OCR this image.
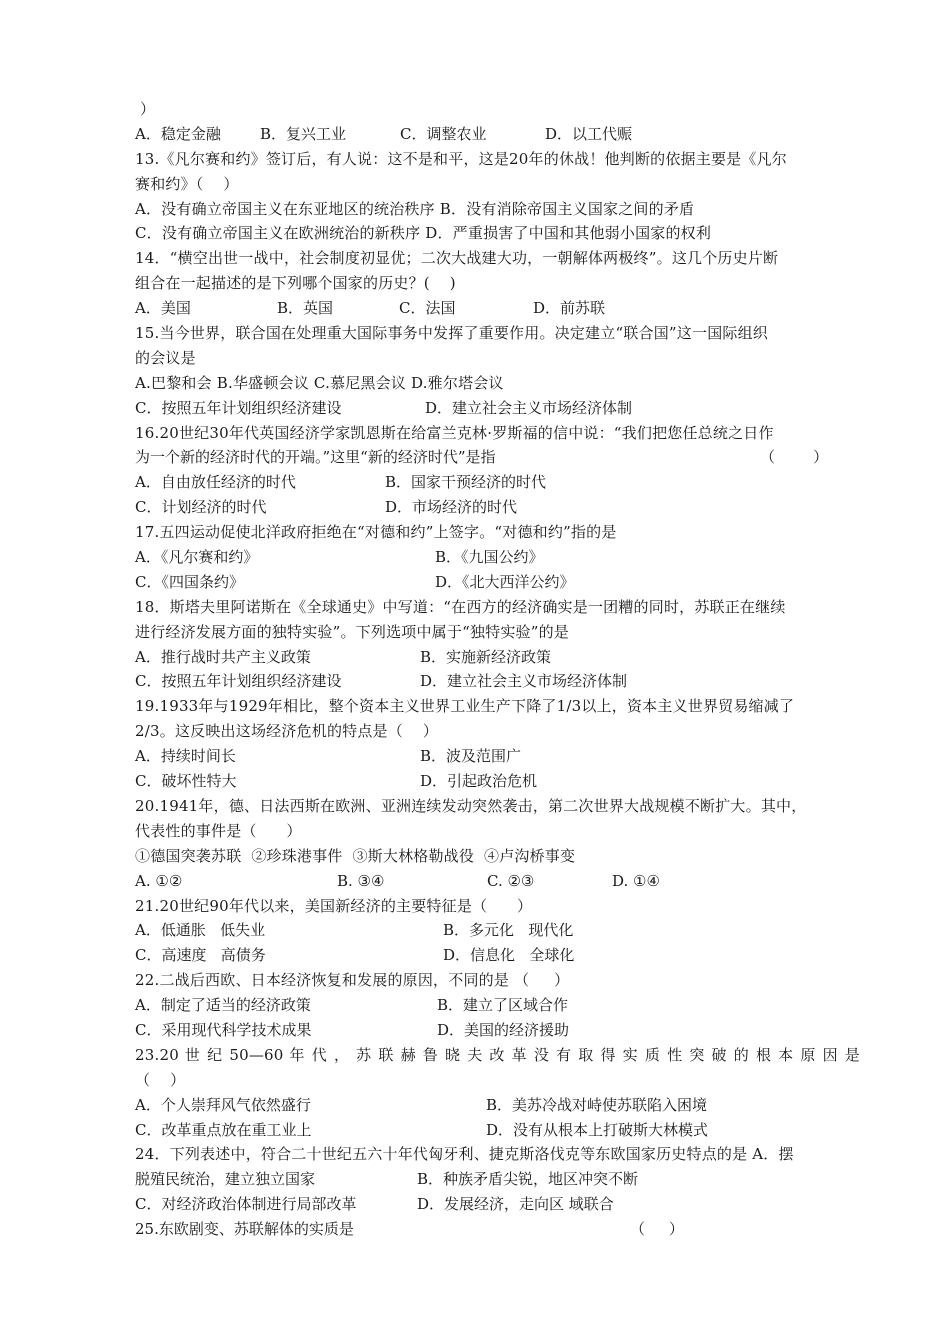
）
A．稳定金融	B．复兴工业	C．调整农业	D．以工代赈
13.《凡尔赛和约》签订后，有人说：这不是和平，这是20年的休战！他判断的依据主要是《凡尔
赛和约》（    ）
A．没有确立帝国主义在东亚地区的统治秩序 B．没有消除帝国主义国家之间的矛盾
C．没有确立帝国主义在欧洲统治的新秩序 D．严重损害了中国和其他弱小国家的权利
14．“横空出世一战中，社会制度初显优；二次大战建大功，一朝解体两极终”。这几个历史片断
组合在一起描述的是下列哪个国家的历史？(    )
A．美国	B．英国	C．法国	D．前苏联
15.当今世界，联合国在处理重大国际事务中发挥了重要作用。决定建立“联合国”这一国际组织
的会议是
A.巴黎和会 B.华盛顿会议 C.慕尼黑会议 D.雅尔塔会议
C．按照五年计划组织经济建设	D．建立社会主义市场经济体制
16.20世纪30年代英国经济学家凯恩斯在给富兰克林·罗斯福的信中说：“我们把您任总统之日作
为一个新的经济时代的开端。”这里“新的经济时代”是指	（        ）
A．自由放任经济的时代	B．国家干预经济的时代
C．计划经济的时代	D．市场经济的时代
17.五四运动促使北洋政府拒绝在“对德和约”上签字。“对德和约”指的是
A．《凡尔赛和约》	B．《九国公约》
C．《四国条约》	D．《北大西洋公约》
18．斯塔夫里阿诺斯在《全球通史》中写道：“在西方的经济确实是一团糟的同时，苏联正在继续
进行经济发展方面的独特实验”。下列选项中属于“独特实验”的是
A．推行战时共产主义政策	B．实施新经济政策
C．按照五年计划组织经济建设	D．建立社会主义市场经济体制
19.1933年与1929年相比，整个资本主义世界工业生产下降了1/3以上，资本主义世界贸易缩减了
2/3。这反映出这场经济危机的特点是（    ）
A．持续时间长	B．波及范围广
C．破坏性特大	D．引起政治危机
20.1941年，德、日法西斯在欧洲、亚洲连续发动突然袭击，第二次世界大战规模不断扩大。其中，
代表性的事件是（      ）
①德国突袭苏联  ②珍珠港事件  ③斯大林格勒战役  ④卢沟桥事变
A. ①②	B. ③④	C. ②③	D. ①④
21.20世纪90年代以来，美国新经济的主要特征是（      ）
A．低通胀   低失业	B．多元化   现代化
C．高速度   高债务	D．信息化   全球化
22.二战后西欧、日本经济恢复和发展的原因，不同的是 （     ）
A．制定了适当的经济政策	B．建立了区域合作
C．采用现代科学技术成果	D．美国的经济援助
23.20 世 纪 50—60 年 代 ， 苏 联 赫 鲁 晓 夫 改 革 没 有 取 得 实 质 性 突 破 的 根 本 原 因 是
（    ）
A．个人崇拜风气依然盛行	B．美苏冷战对峙使苏联陷入困境
C．改革重点放在重工业上	D．没有从根本上打破斯大林模式
24．下列表述中，符合二十世纪五六十年代匈牙利、捷克斯洛伐克等东欧国家历史特点的是 A．摆
脱殖民统治，建立独立国家	B．种族矛盾尖锐，地区冲突不断
C．对经济政治体制进行局部改革	D．发展经济，走向区 域联合
25.东欧剧变、苏联解体的实质是	（     ）
